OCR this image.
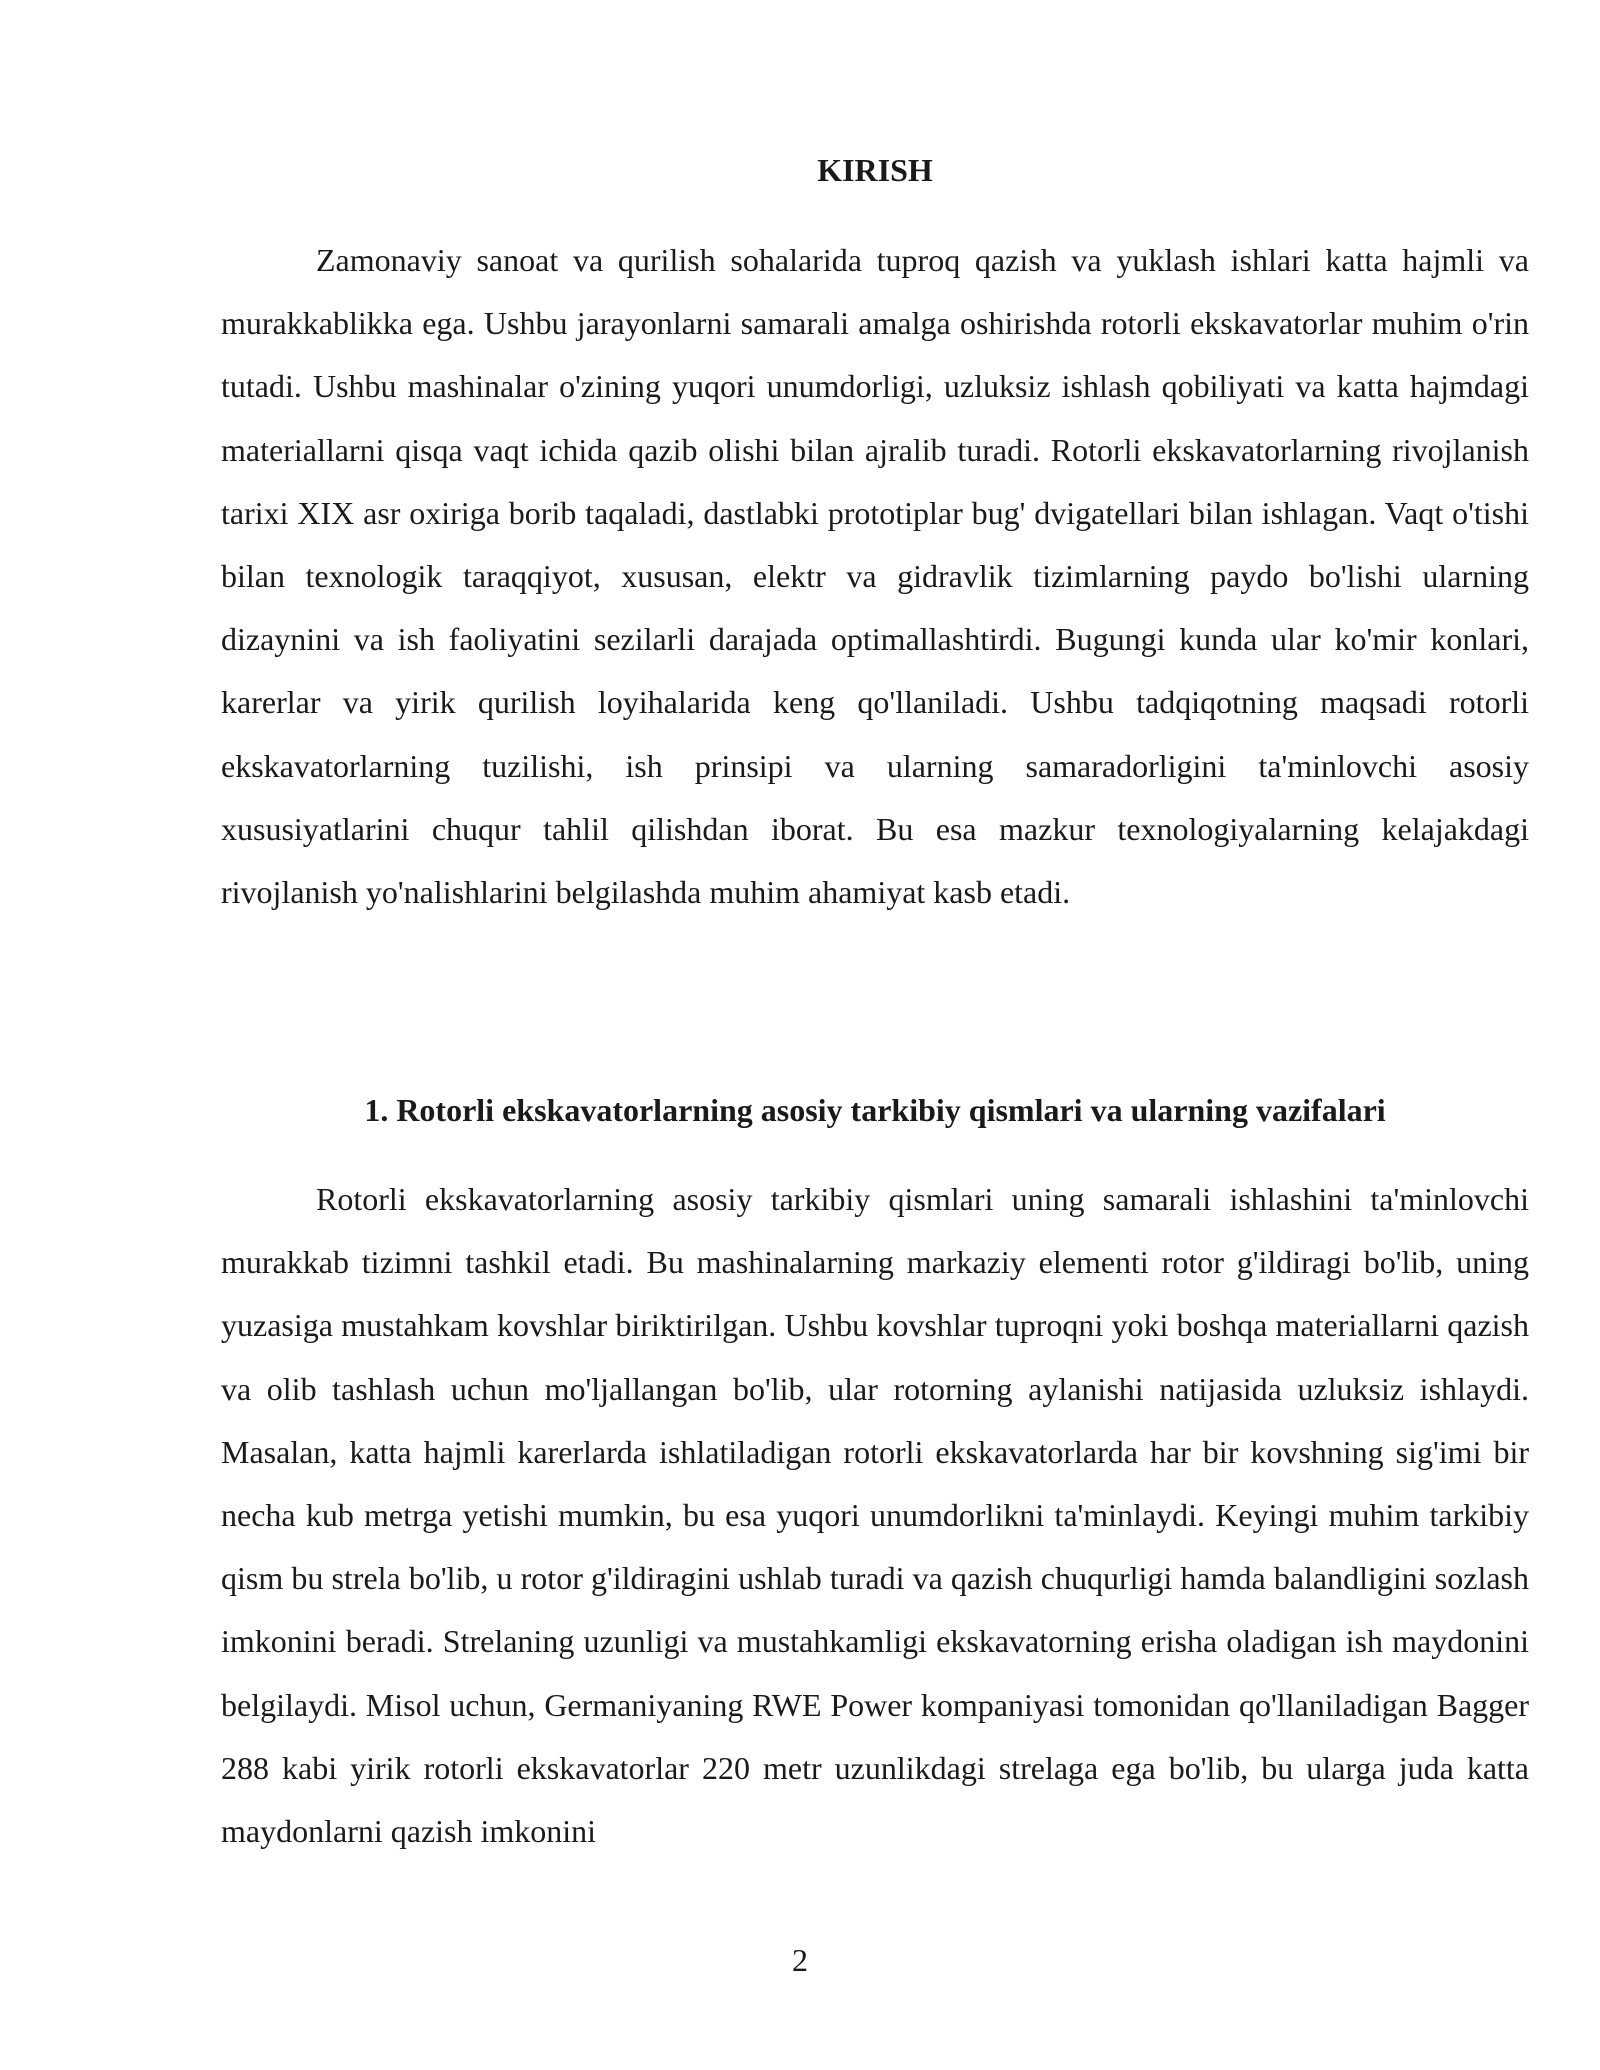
KIRISH

Zamonaviy sanoat va qurilish sohalarida tuproq qazish va yuklash ishlari katta hajmli va murakkablikka ega. Ushbu jarayonlarni samarali amalga oshirishda rotorli ekskavatorlar muhim o'rin tutadi. Ushbu mashinalar o'zining yuqori unumdorligi, uzluksiz ishlash qobiliyati va katta hajmdagi materiallarni qisqa vaqt ichida qazib olishi bilan ajralib turadi. Rotorli ekskavatorlarning rivojlanish tarixi XIX asr oxiriga borib taqaladi, dastlabki prototiplar bug' dvigatellari bilan ishlagan. Vaqt o'tishi bilan texnologik taraqqiyot, xususan, elektr va gidravlik tizimlarning paydo bo'lishi ularning dizaynini va ish faoliyatini sezilarli darajada optimallashtirdi. Bugungi kunda ular ko'mir konlari, karerlar va yirik qurilish loyihalarida keng qo'llaniladi. Ushbu tadqiqotning maqsadi rotorli ekskavatorlarning tuzilishi, ish prinsipi va ularning samaradorligini ta'minlovchi asosiy xususiyatlarini chuqur tahlil qilishdan iborat. Bu esa mazkur texnologiyalarning kelajakdagi rivojlanish yo'nalishlarini belgilashda muhim ahamiyat kasb etadi.

1. Rotorli ekskavatorlarning asosiy tarkibiy qismlari va ularning vazifalari

Rotorli ekskavatorlarning asosiy tarkibiy qismlari uning samarali ishlashini ta'minlovchi murakkab tizimni tashkil etadi. Bu mashinalarning markaziy elementi rotor g'ildiragi bo'lib, uning yuzasiga mustahkam kovshlar biriktirilgan. Ushbu kovshlar tuproqni yoki boshqa materiallarni qazish va olib tashlash uchun mo'ljallangan bo'lib, ular rotorning aylanishi natijasida uzluksiz ishlaydi. Masalan, katta hajmli karerlarda ishlatiladigan rotorli ekskavatorlarda har bir kovshning sig'imi bir necha kub metrga yetishi mumkin, bu esa yuqori unumdorlikni ta'minlaydi. Keyingi muhim tarkibiy qism bu strela bo'lib, u rotor g'ildiragini ushlab turadi va qazish chuqurligi hamda balandligini sozlash imkonini beradi. Strelaning uzunligi va mustahkamligi ekskavatorning erisha oladigan ish maydonini belgilaydi. Misol uchun, Germaniyaning RWE Power kompaniyasi tomonidan qo'llaniladigan Bagger 288 kabi yirik rotorli ekskavatorlar 220 metr uzunlikdagi strelaga ega bo'lib, bu ularga juda katta maydonlarni qazish imkonini

2
